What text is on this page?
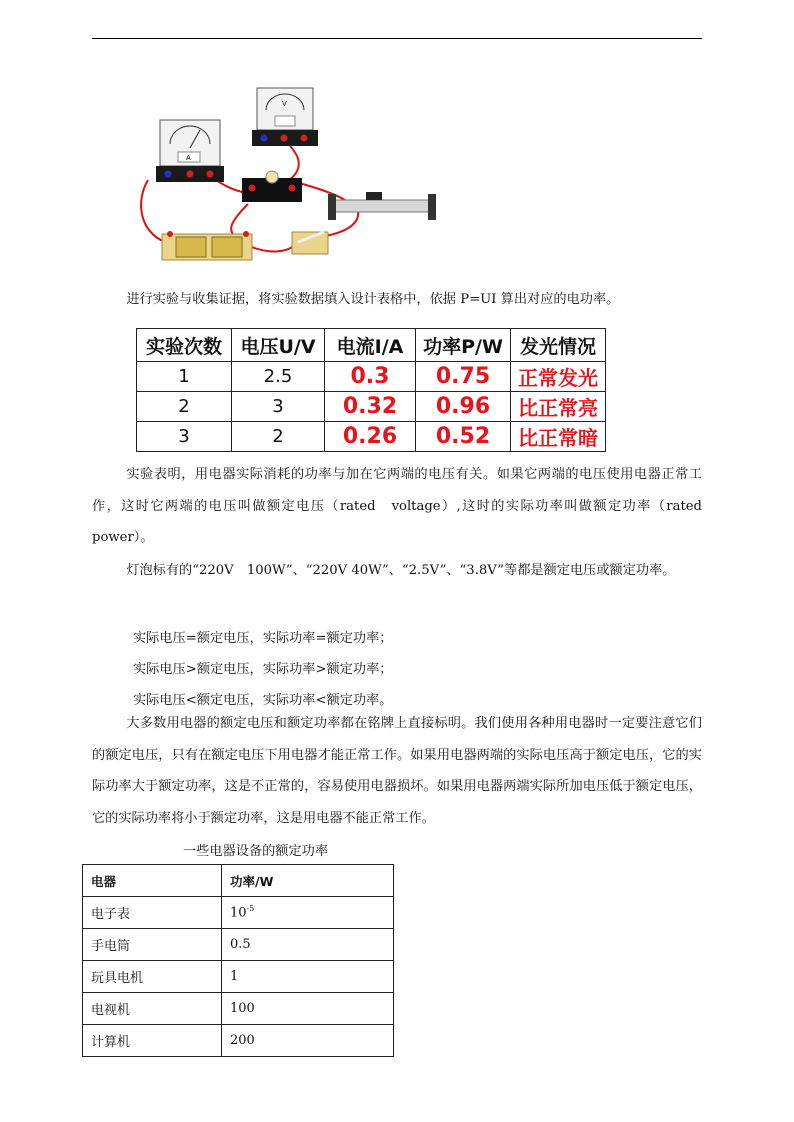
A
V

进行实验与收集证据，将实验数据填入设计表格中，依据 P=UI 算出对应的电功率。

实验次数	电压U/V	电流I/A	功率P/W	发光情况
1	2.5	0.3	0.75	正常发光
2	3	0.32	0.96	比正常亮
3	2	0.26	0.52	比正常暗

实验表明，用电器实际消耗的功率与加在它两端的电压有关。如果它两端的电压使用电器正常工作，这时它两端的电压叫做额定电压（rated　voltage）,这时的实际功率叫做额定功率（rated power）。

灯泡标有的“220V　100W”、“220V 40W”、“2.5V”、“3.8V”等都是额定电压或额定功率。

实际电压=额定电压，实际功率=额定功率；

实际电压>额定电压，实际功率>额定功率；

实际电压<额定电压，实际功率<额定功率。

大多数用电器的额定电压和额定功率都在铭牌上直接标明。我们使用各种用电器时一定要注意它们的额定电压，只有在额定电压下用电器才能正常工作。如果用电器两端的实际电压高于额定电压，它的实际功率大于额定功率，这是不正常的，容易使用电器损坏。如果用电器两端实际所加电压低于额定电压，它的实际功率将小于额定功率，这是用电器不能正常工作。

一些电器设备的额定功率

电器	功率/W
电子表	$10^{-5}$
手电筒	0.5
玩具电机	1
电视机	100
计算机	200
